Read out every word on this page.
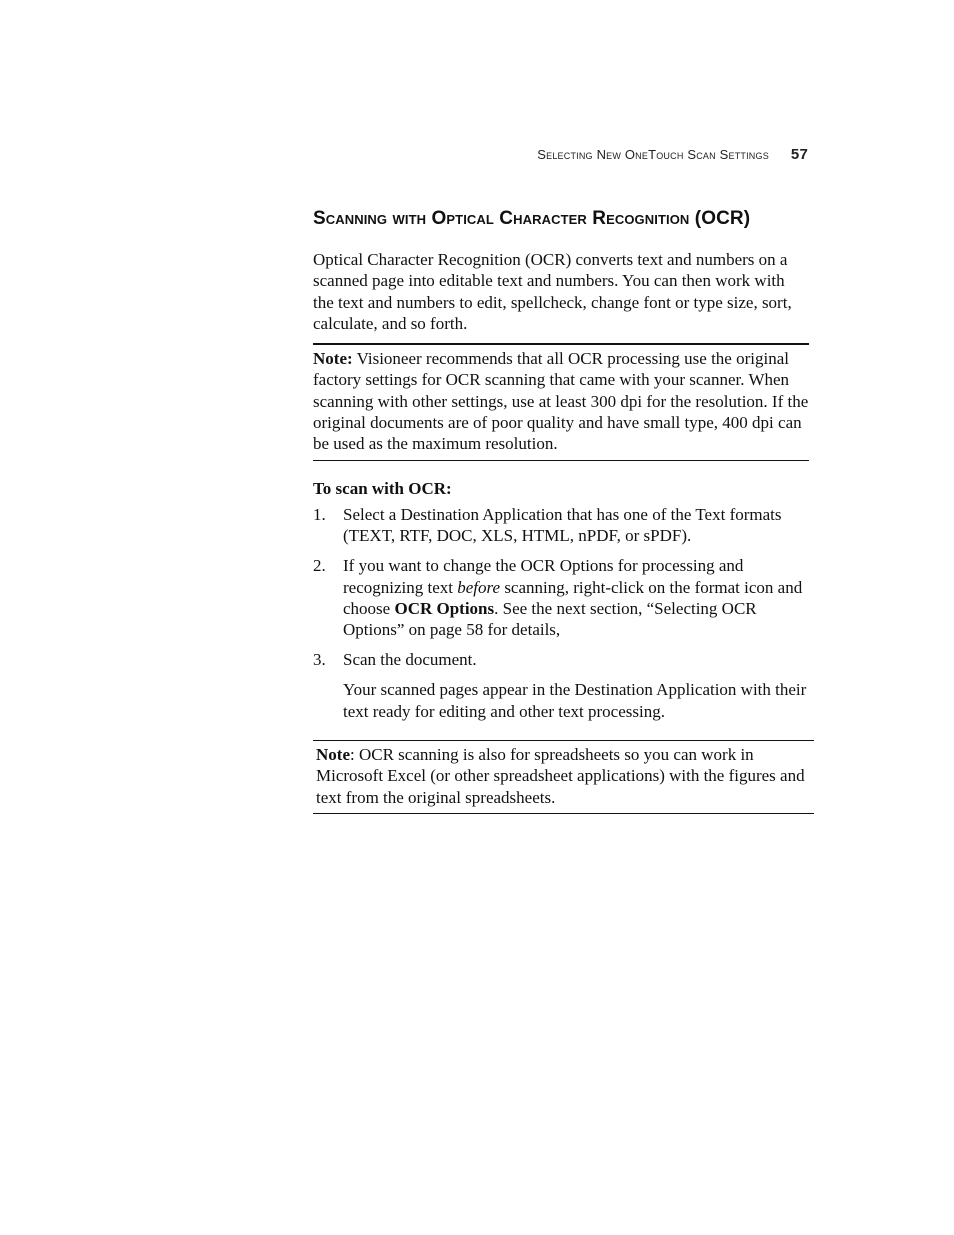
Selecting New OneTouch Scan Settings 57
Scanning with Optical Character Recognition (OCR)

Optical Character Recognition (OCR) converts text and numbers on a scanned page into editable text and numbers. You can then work with the text and numbers to edit, spellcheck, change font or type size, sort, calculate, and so forth.

Note: Visioneer recommends that all OCR processing use the original factory settings for OCR scanning that came with your scanner. When scanning with other settings, use at least 300 dpi for the resolution. If the original documents are of poor quality and have small type, 400 dpi can be used as the maximum resolution.

To scan with OCR:

1. Select a Destination Application that has one of the Text formats (TEXT, RTF, DOC, XLS, HTML, nPDF, or sPDF).
2. If you want to change the OCR Options for processing and recognizing text before scanning, right-click on the format icon and choose OCR Options. See the next section, “Selecting OCR Options” on page 58 for details,
3. Scan the document.

Your scanned pages appear in the Destination Application with their text ready for editing and other text processing.

Note: OCR scanning is also for spreadsheets so you can work in Microsoft Excel (or other spreadsheet applications) with the figures and text from the original spreadsheets.
